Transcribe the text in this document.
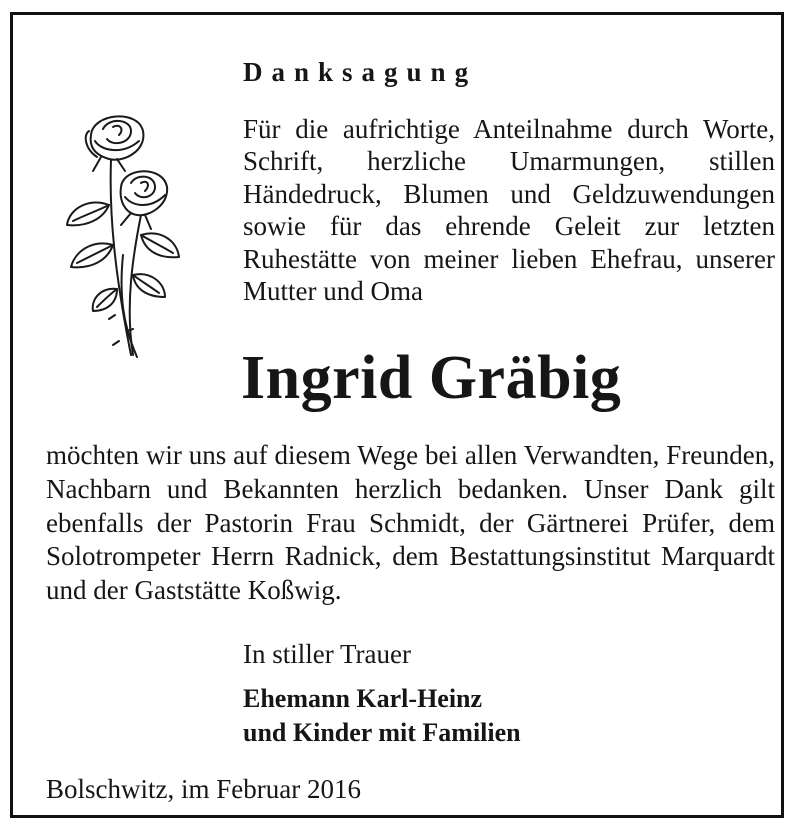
Danksagung
Für die aufrichtige Anteilnahme durch Worte, Schrift, herzliche Umarmungen, stillen Händedruck, Blumen und Geldzuwendungen sowie für das ehrende Geleit zur letzten Ruhestätte von meiner lieben Ehefrau, unserer Mutter und Oma
Ingrid Gräbig
möchten wir uns auf diesem Wege bei allen Verwandten, Freunden, Nachbarn und Bekannten herzlich bedanken. Unser Dank gilt ebenfalls der Pastorin Frau Schmidt, der Gärtnerei Prüfer, dem Solotrompeter Herrn Radnick, dem Bestattungsinstitut Marquardt und der Gaststätte Koßwig.
In stiller Trauer
Ehemann Karl-Heinz
und Kinder mit Familien
Bolschwitz, im Februar 2016
